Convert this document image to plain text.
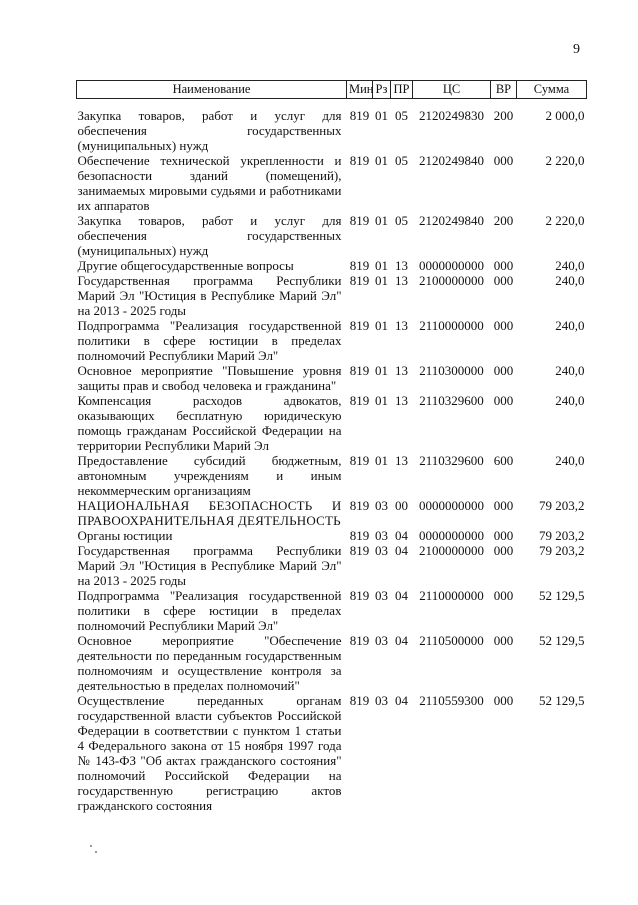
9
Наименование	Мин	Рз	ПР	ЦС	ВР	Сумма
Закупка товаров, работ и услуг для обеспечения государственных (муниципальных) нужд	819	01	05	2120249830	200	2 000,0
Обеспечение технической укрепленности и безопасности зданий (помещений), занимаемых мировыми судьями и работниками их аппаратов	819	01	05	2120249840	000	2 220,0
Закупка товаров, работ и услуг для обеспечения государственных (муниципальных) нужд	819	01	05	2120249840	200	2 220,0
Другие общегосударственные вопросы	819	01	13	0000000000	000	240,0
Государственная программа Республики Марий Эл "Юстиция в Республике Марий Эл" на 2013 - 2025 годы	819	01	13	2100000000	000	240,0
Подпрограмма "Реализация государственной политики в сфере юстиции в пределах полномочий Республики Марий Эл"	819	01	13	2110000000	000	240,0
Основное мероприятие "Повышение уровня защиты прав и свобод человека и гражданина"	819	01	13	2110300000	000	240,0
Компенсация расходов адвокатов, оказывающих бесплатную юридическую помощь гражданам Российской Федерации на территории Республики Марий Эл	819	01	13	2110329600	000	240,0
Предоставление субсидий бюджетным, автономным учреждениям и иным некоммерческим организациям	819	01	13	2110329600	600	240,0
НАЦИОНАЛЬНАЯ БЕЗОПАСНОСТЬ И ПРАВООХРАНИТЕЛЬНАЯ ДЕЯТЕЛЬНОСТЬ	819	03	00	0000000000	000	79 203,2
Органы юстиции	819	03	04	0000000000	000	79 203,2
Государственная программа Республики Марий Эл "Юстиция в Республике Марий Эл" на 2013 - 2025 годы	819	03	04	2100000000	000	79 203,2
Подпрограмма "Реализация государственной политики в сфере юстиции в пределах полномочий Республики Марий Эл"	819	03	04	2110000000	000	52 129,5
Основное мероприятие "Обеспечение деятельности по переданным государственным полномочиям и осуществление контроля за деятельностью в пределах полномочий"	819	03	04	2110500000	000	52 129,5
Осуществление переданных органам государственной власти субъектов Российской Федерации в соответствии с пунктом 1 статьи 4 Федерального закона от 15 ноября 1997 года № 143-ФЗ "Об актах гражданского состояния" полномочий Российской Федерации на государственную регистрацию актов гражданского состояния	819	03	04	2110559300	000	52 129,5
